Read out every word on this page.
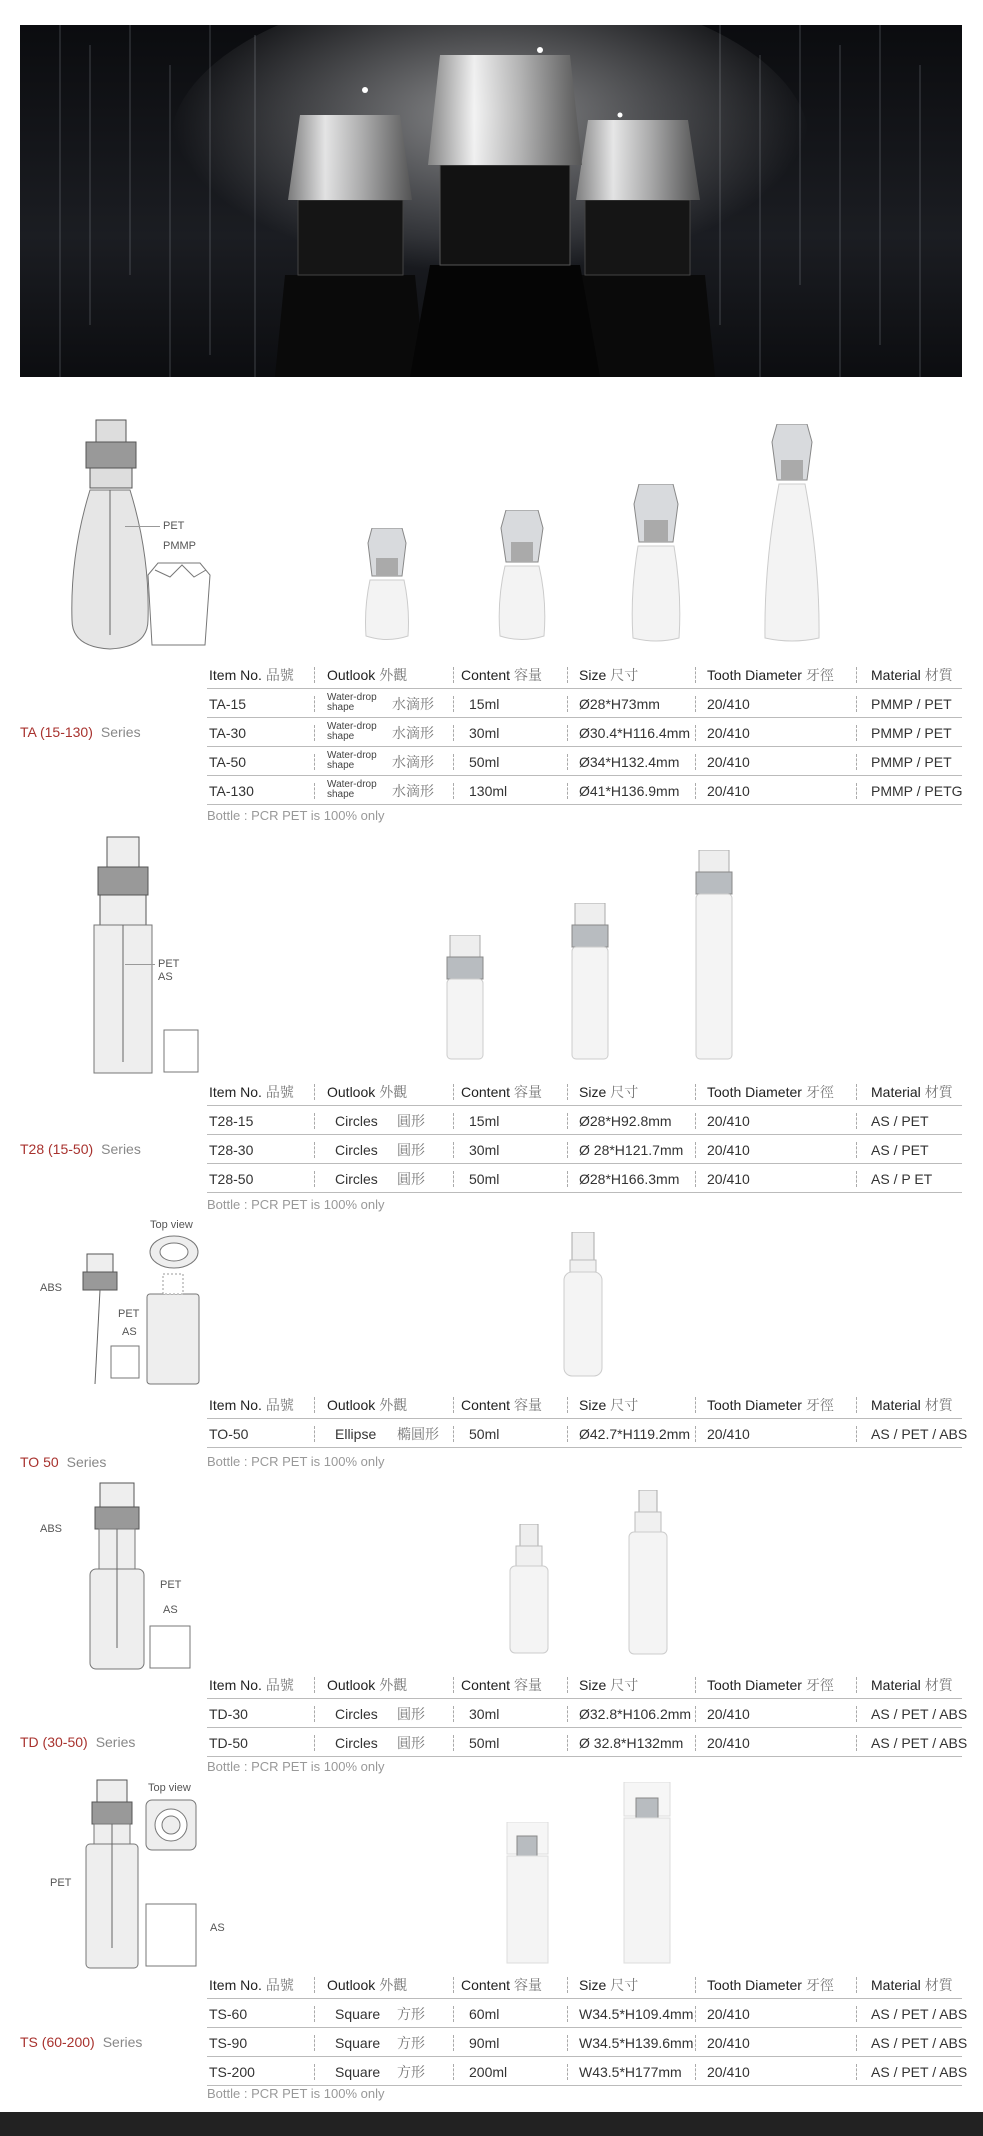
PET
PMMP
Item No. 品號 Outlook 外觀	Content 容量	Size 尺寸	Tooth Diameter 牙徑	Material 材質
TA-15	Water-drop shape	水滴形	15ml	Ø28*H73mm	20/410	PMMP / PET
TA-30	Water-drop shape	水滴形	30ml	Ø30.4*H116.4mm 20/410	PMMP / PET
TA-50	Water-drop shape	水滴形	50ml	Ø34*H132.4mm 20/410	PMMP / PET
TA-130	Water-drop shape	水滴形	130ml	Ø41*H136.9mm 20/410	PMMP / PETG
TA (15-130) Series
Bottle : PCR PET is 100% only
PET
AS
Item No. 品號 Outlook 外觀	Content 容量	Size 尺寸	Tooth Diameter 牙徑	Material 材質
T28-15	Circles 圓形	15ml	Ø28*H92.8mm	20/410	AS / PET
T28-30	Circles 圓形	30ml	Ø 28*H121.7mm 20/410	AS / PET
T28-50	Circles 圓形	50ml	Ø28*H166.3mm 20/410	AS / P ET
T28 (15-50) Series
Bottle : PCR PET is 100% only
Top view
ABS
PET
AS
Item No. 品號 Outlook 外觀	Content 容量	Size 尺寸	Tooth Diameter 牙徑	Material 材質
TO-50	Ellipse 橢圓形 50ml	Ø42.7*H119.2mm 20/410	AS / PET / ABS
TO 50 Series	Bottle : PCR PET is 100% only
ABS
PET
AS
Item No. 品號 Outlook 外觀	Content 容量	Size 尺寸	Tooth Diameter 牙徑	Material 材質
TD-30	Circles 圓形	30ml	Ø32.8*H106.2mm 20/410	AS / PET / ABS
TD-50	Circles 圓形	50ml	Ø 32.8*H132mm 20/410	AS / PET / ABS
TD (30-50) Series
Bottle : PCR PET is 100% only
Top view
PET
AS
Item No. 品號 Outlook 外觀	Content 容量	Size 尺寸	Tooth Diameter 牙徑	Material 材質
TS-60	Square 方形	60ml	W34.5*H109.4mm 20/410	AS / PET / ABS
TS-90	Square 方形	90ml	W34.5*H139.6mm 20/410	AS / PET / ABS
TS-200	Square 方形	200ml	W43.5*H177mm 20/410	AS / PET / ABS
TS (60-200) Series
Bottle : PCR PET is 100% only
